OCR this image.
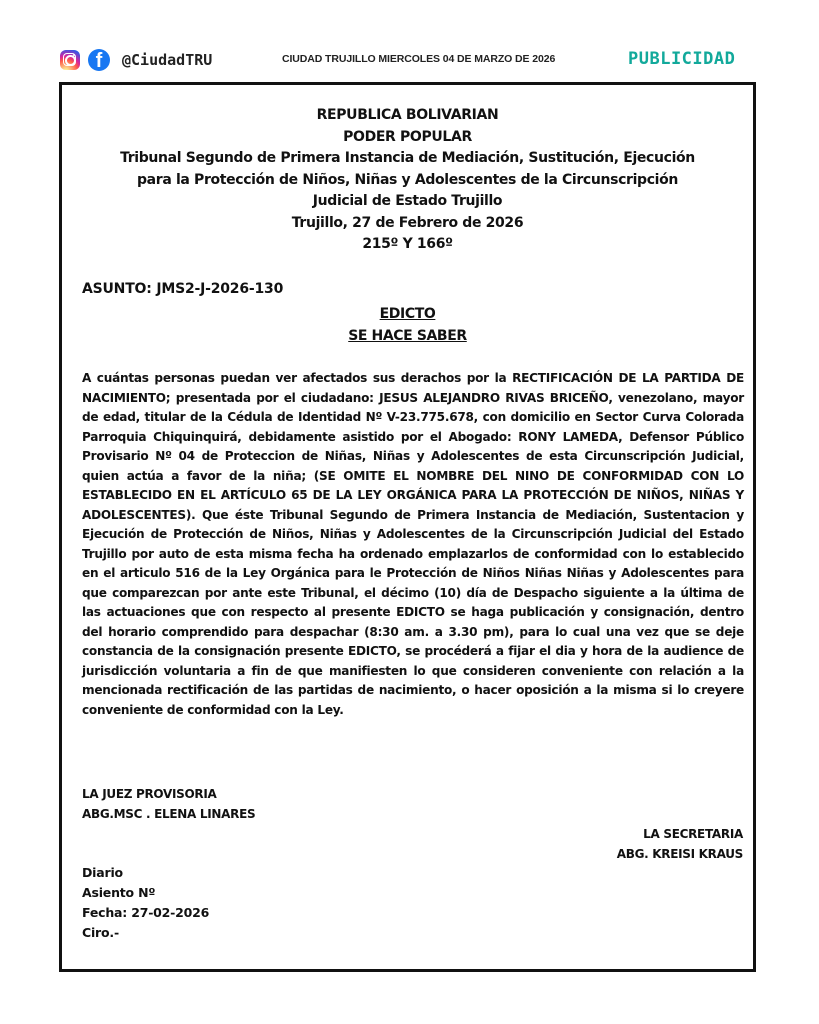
f	@CiudadTRU	CIUDAD TRUJILLO MIERCOLES 04 DE MARZO DE 2026	PUBLICIDAD
REPUBLICA BOLIVARIAN
PODER POPULAR
Tribunal Segundo de Primera Instancia de Mediación, Sustitución, Ejecución
para la Protección de Niños, Niñas y Adolescentes de la Circunscripción
Judicial de Estado Trujillo
Trujillo, 27 de Febrero de 2026
215º Y 166º
ASUNTO: JMS2-J-2026-130
EDICTO
SE HACE SABER
A cuántas personas puedan ver afectados sus derachos por la RECTIFICACIÓN DE LA PARTIDA DE NACIMIENTO; presentada por el ciudadano: JESUS ALEJANDRO RIVAS BRICEÑO, venezolano, mayor de edad, titular de la Cédula de Identidad Nº V-23.775.678, con domicilio en Sector Curva Colorada Parroquia Chiquinquirá, debidamente asistido por el Abogado: RONY LAMEDA, Defensor Público Provisario Nº 04 de Proteccion de Niñas, Niñas y Adolescentes de esta Circunscripción Judicial, quien actúa a favor de la niña; (SE OMITE EL NOMBRE DEL NINO DE CONFORMIDAD CON LO ESTABLECIDO EN EL ARTÍCULO 65 DE LA LEY ORGÁNICA PARA LA PROTECCIÓN DE NIÑOS, NIÑAS Y ADOLESCENTES). Que éste Tribunal Segundo de Primera Instancia de Mediación, Sustentacion y Ejecución de Protección de Niños, Niñas y Adolescentes de la Circunscripción Judicial del Estado Trujillo por auto de esta misma fecha ha ordenado emplazarlos de conformidad con lo establecido en el articulo 516 de la Ley Orgánica para le Protección de Niños Niñas Niñas y Adolescentes para que comparezcan por ante este Tribunal, el décimo (10) día de Despacho siguiente a la última de las actuaciones que con respecto al presente EDICTO se haga publicación y consignación, dentro del horario comprendido para despachar (8:30 am. a 3.30 pm), para lo cual una vez que se deje constancia de la consignación presente EDICTO, se procéderá a fijar el dia y hora de la audience de jurisdicción voluntaria a fin de que manifiesten lo que consideren conveniente con relación a la mencionada rectificación de las partidas de nacimiento, o hacer oposición a la misma si lo creyere conveniente de conformidad con la Ley.
LA JUEZ PROVISORIA
ABG.MSC . ELENA LINARES
LA SECRETARIA
ABG. KREISI KRAUS
Diario
Asiento Nº
Fecha: 27-02-2026
Ciro.-
